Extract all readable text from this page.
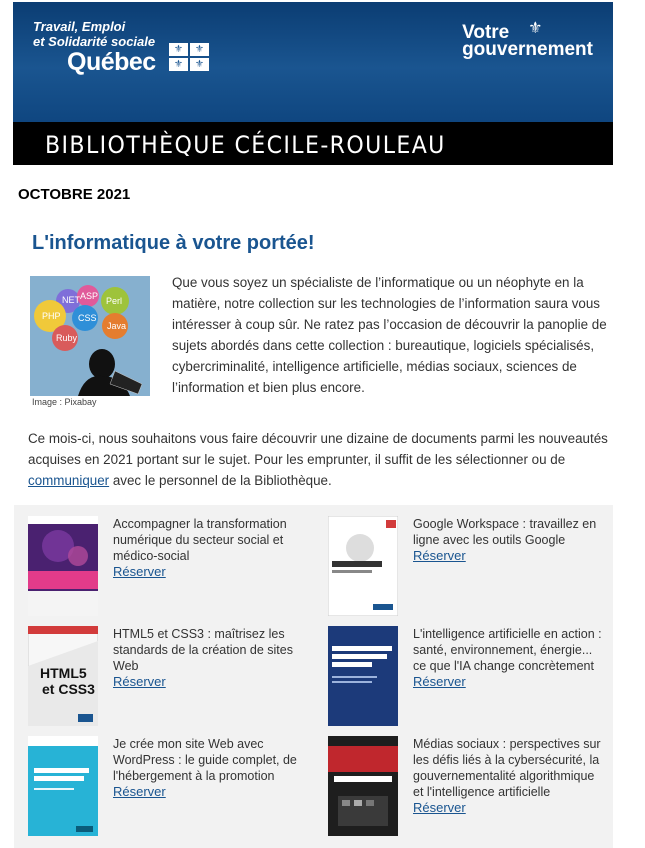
Travail, Emploi
et Solidarité sociale
Québec	⚜	⚜
⚜	⚜
⚜
Votre
gouvernement
BIBLIOTHÈQUE CÉCILE-ROULEAU
OCTOBRE 2021
L'informatique à votre portée!
NET ASP Perl
PHP
Java
Ruby
CSS
Image : Pixabay
Que vous soyez un spécialiste de l’informatique ou un néophyte en la matière, notre collection sur les technologies de l’information saura vous intéresser à coup sûr. Ne ratez pas l’occasion de découvrir la panoplie de sujets abordés dans cette collection : bureautique, logiciels spécialisés, cybercriminalité, intelligence artificielle, médias sociaux, sciences de l’information et bien plus encore.
Ce mois-ci, nous souhaitons vous faire découvrir une dizaine de documents parmi les nouveautés acquises en 2021 portant sur le sujet. Pour les emprunter, il suffit de les sélectionner ou de communiquer avec le personnel de la Bibliothèque.
Accompagner la transformation numérique du secteur social et médico-social
Réserver
Google Workspace : travaillez en ligne avec les outils Google
Réserver
HTML5
et CSS3
HTML5 et CSS3 : maîtrisez les standards de la création de sites Web
Réserver
L'intelligence artificielle en action : santé, environnement, énergie... ce que l'IA change concrètement
Réserver
Je crée mon site Web avec WordPress : le guide complet, de l'hébergement à la promotion
Réserver
Médias sociaux : perspectives sur les défis liés à la cybersécurité, la gouvernementalité algorithmique et l'intelligence artificielle
Réserver
